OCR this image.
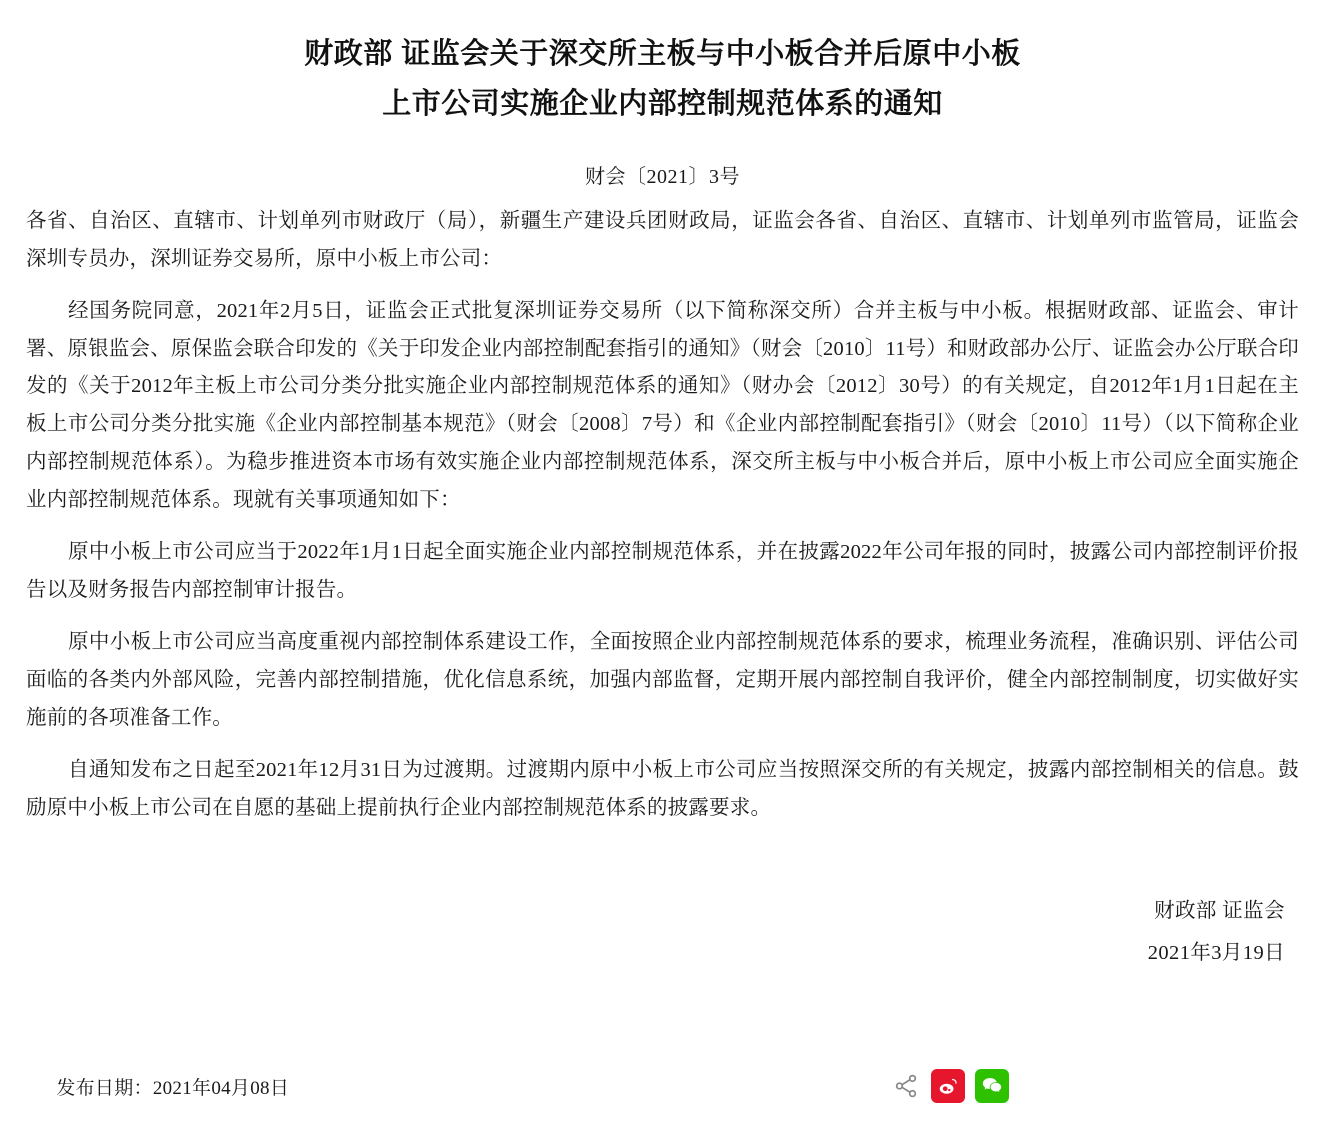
财政部 证监会关于深交所主板与中小板合并后原中小板
上市公司实施企业内部控制规范体系的通知
财会〔2021〕3号

各省、自治区、直辖市、计划单列市财政厅（局），新疆生产建设兵团财政局，证监会各省、自治区、直辖市、计划单列市监管局，证监会深圳专员办，深圳证券交易所，原中小板上市公司：

经国务院同意，2021年2月5日，证监会正式批复深圳证券交易所（以下简称深交所）合并主板与中小板。根据财政部、证监会、审计署、原银监会、原保监会联合印发的《关于印发企业内部控制配套指引的通知》（财会〔2010〕11号）和财政部办公厅、证监会办公厅联合印发的《关于2012年主板上市公司分类分批实施企业内部控制规范体系的通知》（财办会〔2012〕30号）的有关规定，自2012年1月1日起在主板上市公司分类分批实施《企业内部控制基本规范》（财会〔2008〕7号）和《企业内部控制配套指引》（财会〔2010〕11号）（以下简称企业内部控制规范体系）。为稳步推进资本市场有效实施企业内部控制规范体系，深交所主板与中小板合并后，原中小板上市公司应全面实施企业内部控制规范体系。现就有关事项通知如下：

原中小板上市公司应当于2022年1月1日起全面实施企业内部控制规范体系，并在披露2022年公司年报的同时，披露公司内部控制评价报告以及财务报告内部控制审计报告。

原中小板上市公司应当高度重视内部控制体系建设工作，全面按照企业内部控制规范体系的要求，梳理业务流程，准确识别、评估公司面临的各类内外部风险，完善内部控制措施，优化信息系统，加强内部监督，定期开展内部控制自我评价，健全内部控制制度，切实做好实施前的各项准备工作。

自通知发布之日起至2021年12月31日为过渡期。过渡期内原中小板上市公司应当按照深交所的有关规定，披露内部控制相关的信息。鼓励原中小板上市公司在自愿的基础上提前执行企业内部控制规范体系的披露要求。

财政部 证监会
2021年3月19日

发布日期：2021年04月08日
